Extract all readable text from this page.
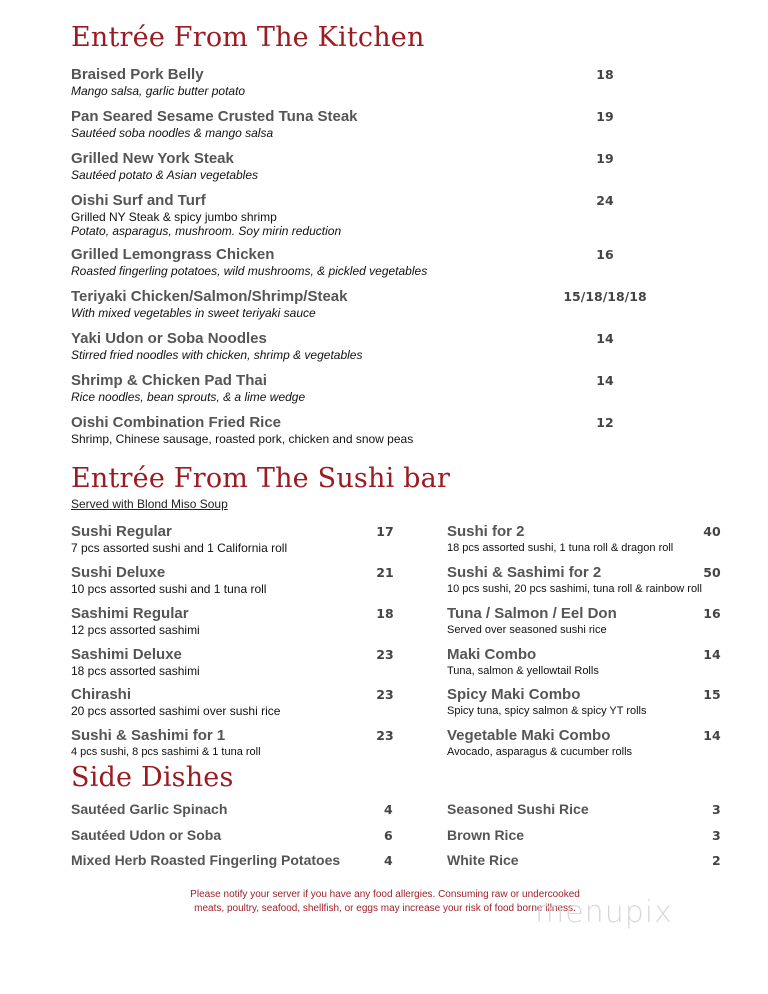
Entrée From The Kitchen
Braised Pork Belly
Mango salsa, garlic butter potato
18
Pan Seared Sesame Crusted Tuna Steak
Sautéed soba noodles & mango salsa
19
Grilled New York Steak
Sautéed potato & Asian vegetables
19
Oishi Surf and Turf
Grilled NY Steak & spicy jumbo shrimp
Potato, asparagus, mushroom. Soy mirin reduction
24
Grilled Lemongrass Chicken
Roasted fingerling potatoes, wild mushrooms, & pickled vegetables
16
Teriyaki Chicken/Salmon/Shrimp/Steak
With mixed vegetables in sweet teriyaki sauce
15/18/18/18
Yaki Udon or Soba Noodles
Stirred fried noodles with chicken, shrimp & vegetables
14
Shrimp & Chicken Pad Thai
Rice noodles, bean sprouts, & a lime wedge
14
Oishi Combination Fried Rice
Shrimp, Chinese sausage, roasted pork, chicken and snow peas
12
Entrée From The Sushi bar
Served with Blond Miso Soup
Sushi Regular
7 pcs assorted sushi and 1 California roll
17
Sushi Deluxe
10 pcs assorted sushi and 1 tuna roll
21
Sashimi Regular
12 pcs assorted sashimi
18
Sashimi Deluxe
18 pcs assorted sashimi
23
Chirashi
20 pcs assorted sashimi over sushi rice
23
Sushi & Sashimi for 1
4 pcs sushi, 8 pcs sashimi & 1 tuna roll
23
Sushi for 2
18 pcs assorted sushi, 1 tuna roll & dragon roll
40
Sushi & Sashimi for 2
10 pcs sushi, 20 pcs sashimi, tuna roll & rainbow roll
50
Tuna / Salmon / Eel Don
Served over seasoned sushi rice
16
Maki Combo
Tuna, salmon & yellowtail Rolls
14
Spicy Maki Combo
Spicy tuna, spicy salmon & spicy YT rolls
15
Vegetable Maki Combo
Avocado, asparagus & cucumber rolls
14
Side Dishes
Sautéed Garlic Spinach	4
Sautéed Udon or Soba	6
Mixed Herb Roasted Fingerling Potatoes	4
Seasoned Sushi Rice	3
Brown Rice	3
White Rice	2
Please notify your server if you have any food allergies. Consuming raw or undercooked
meats, poultry, seafood, shellfish, or eggs may increase your risk of food borne illness.
menupix
